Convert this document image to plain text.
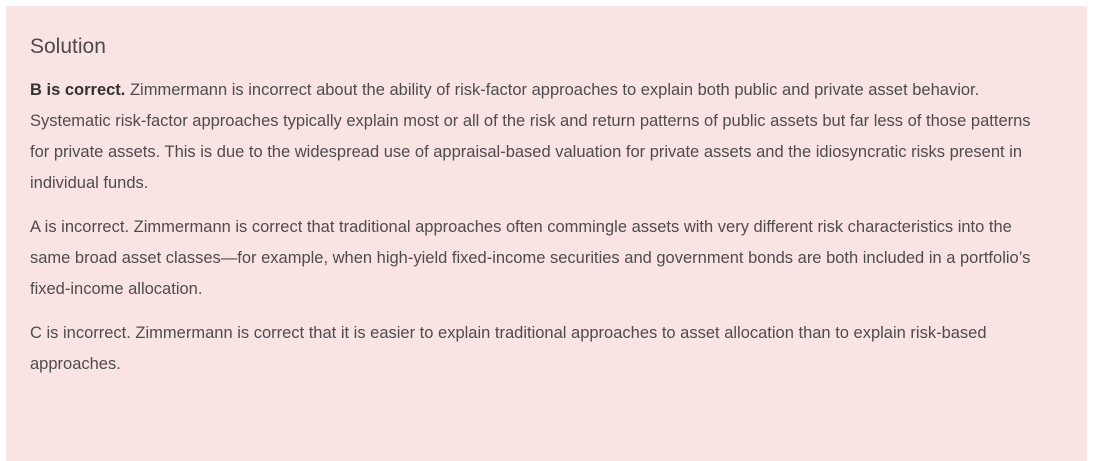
Solution

B is correct. Zimmermann is incorrect about the ability of risk-factor approaches to explain both public and private asset behavior. Systematic risk-factor approaches typically explain most or all of the risk and return patterns of public assets but far less of those patterns for private assets. This is due to the widespread use of appraisal-based valuation for private assets and the idiosyncratic risks present in individual funds.

A is incorrect. Zimmermann is correct that traditional approaches often commingle assets with very different risk characteristics into the same broad asset classes—for example, when high-yield fixed-income securities and government bonds are both included in a portfolio’s fixed-income allocation.

C is incorrect. Zimmermann is correct that it is easier to explain traditional approaches to asset allocation than to explain risk-based approaches.
